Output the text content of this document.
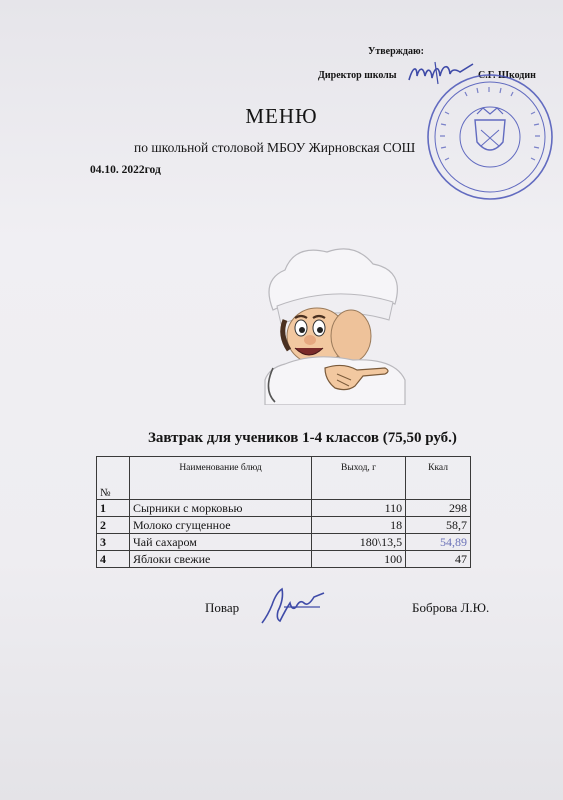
Утверждаю:
Директор школы	С.Г. Шкодин
МЕНЮ
по школьной столовой МБОУ Жирновская СОШ
04.10. 2022год
Завтрак для учеников 1-4 классов (75,50 руб.)
№	Наименование блюд	Выход, г	Ккал
1	Сырники с морковью	110	298
2	Молоко сгущенное	18	58,7
3	Чай сахаром	180\13,5	54,89
4	Яблоки свежие	100	47
Повар	Боброва Л.Ю.
